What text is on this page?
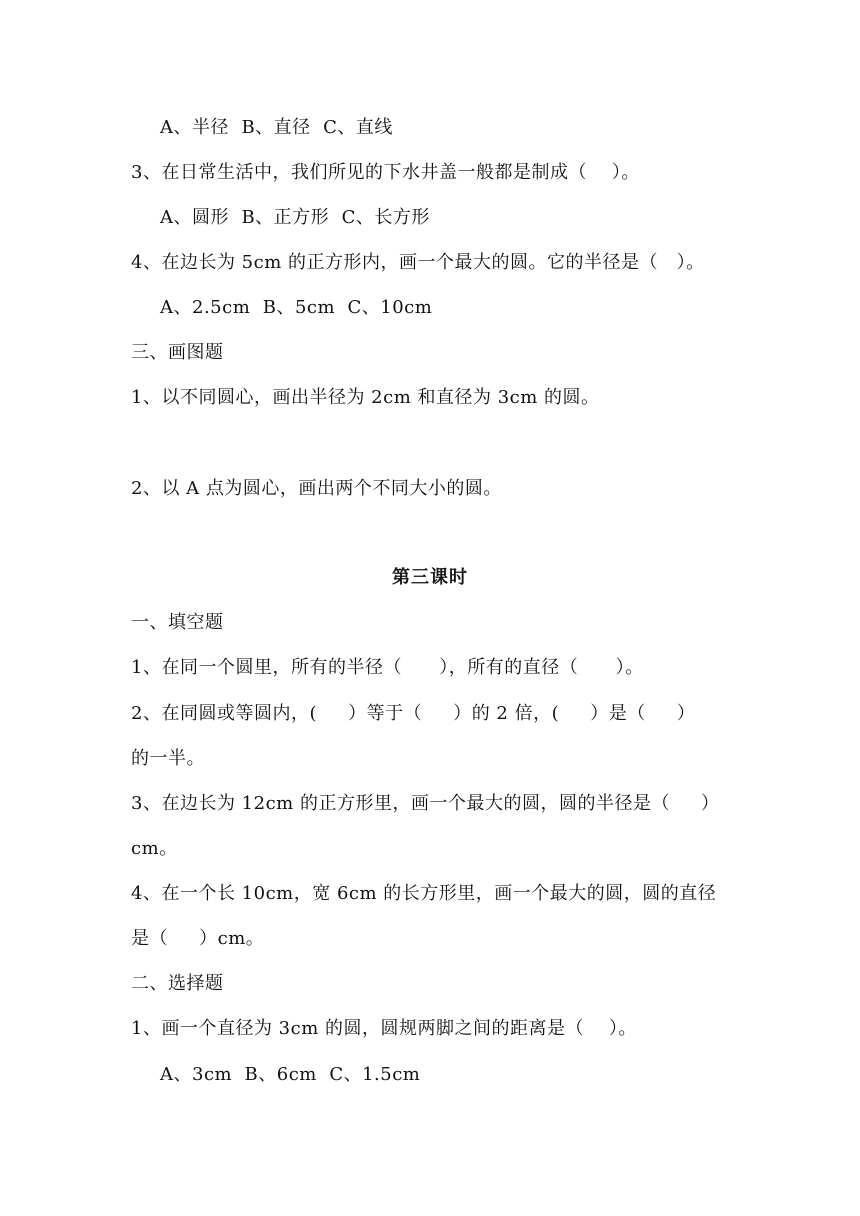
A、半径  B、直径  C、直线
3、在日常生活中，我们所见的下水井盖一般都是制成（    ）。
A、圆形  B、正方形  C、长方形
4、在边长为 5cm 的正方形内，画一个最大的圆。它的半径是（   ）。
A、2.5cm  B、5cm  C、10cm
三、画图题
1、以不同圆心，画出半径为 2cm 和直径为 3cm 的圆。
2、以 A 点为圆心，画出两个不同大小的圆。
第三课时
一、填空题
1、在同一个圆里，所有的半径（      ），所有的直径（      ）。
2、在同圆或等圆内，(     ）等于（     ）的 2 倍，(     ）是（     ）
的一半。
3、在边长为 12cm 的正方形里，画一个最大的圆，圆的半径是（     ）
cm。
4、在一个长 10cm，宽 6cm 的长方形里，画一个最大的圆，圆的直径
是（     ）cm。
二、选择题
1、画一个直径为 3cm 的圆，圆规两脚之间的距离是（    ）。
A、3cm  B、6cm  C、1.5cm
